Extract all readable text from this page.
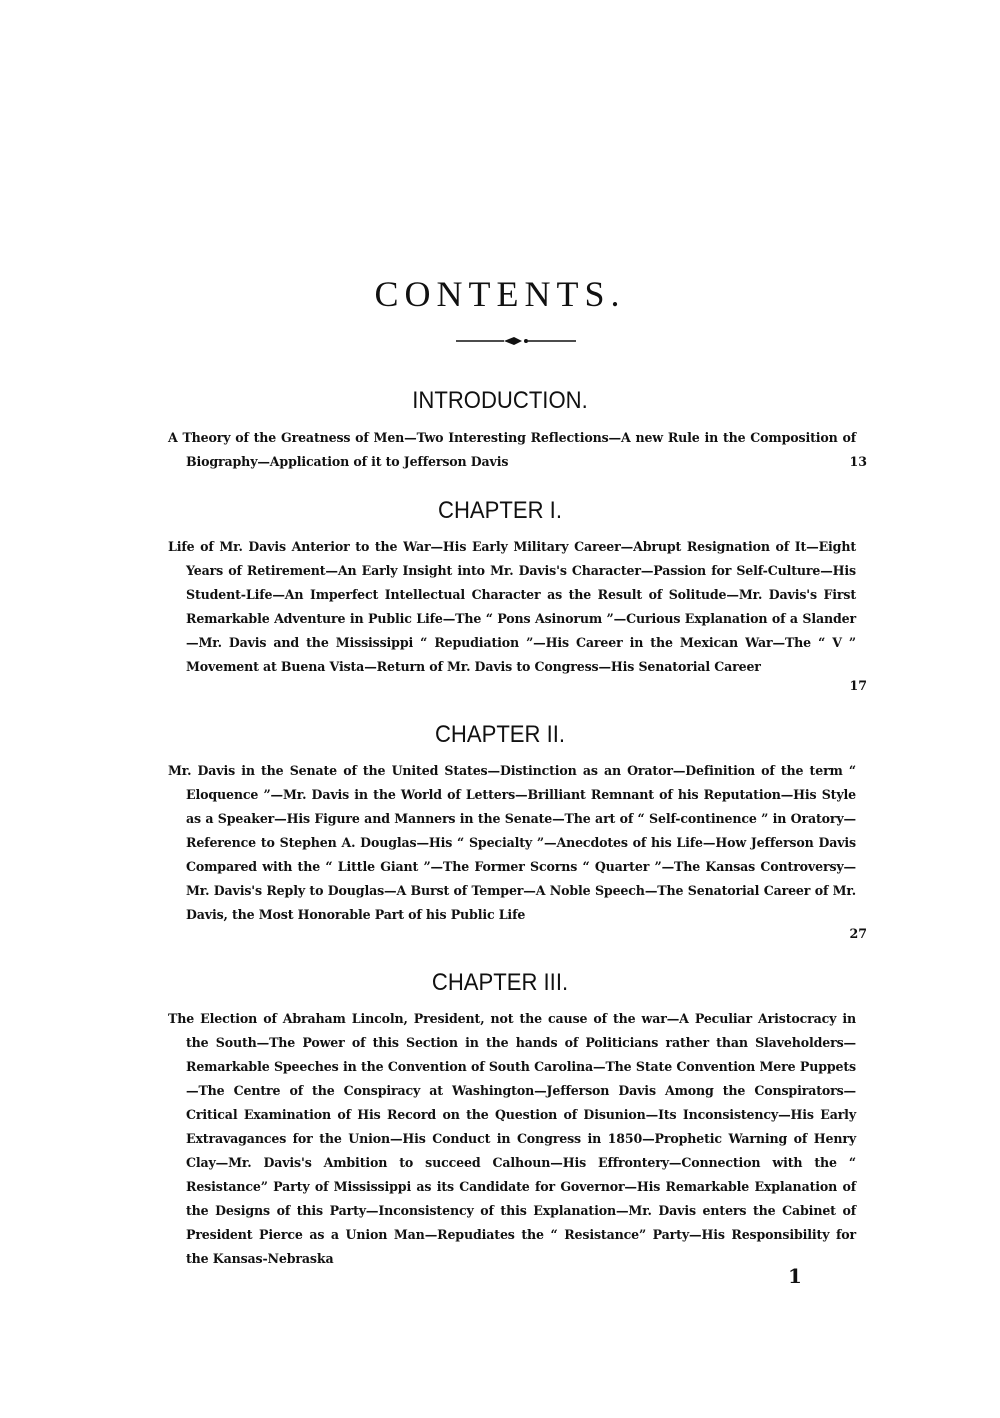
CONTENTS.
INTRODUCTION.
A Theory of the Greatness of Men—Two Interesting Reflections—A new Rule in the Composition of Biography—Application of it to Jefferson Davis	13
CHAPTER I.
Life of Mr. Davis Anterior to the War—His Early Military Career—Abrupt Resignation of It—Eight Years of Retirement—An Early Insight into Mr. Davis's Character—Passion for Self-Culture—His Student-Life—An Imperfect Intellectual Character as the Result of Solitude—Mr. Davis's First Remarkable Adventure in Public Life—The “ Pons Asinorum ”—Curious Explanation of a Slander—Mr. Davis and the Mississippi “ Repudiation ”—His Career in the Mexican War—The “ V ” Movement at Buena Vista—Return of Mr. Davis to Congress—His Senatorial Career
17
CHAPTER II.
Mr. Davis in the Senate of the United States—Distinction as an Orator—Definition of the term “ Eloquence ”—Mr. Davis in the World of Letters—Brilliant Remnant of his Reputation—His Style as a Speaker—His Figure and Manners in the Senate—The art of “ Self-continence ” in Oratory—Reference to Stephen A. Douglas—His “ Specialty ”—Anecdotes of his Life—How Jefferson Davis Compared with the “ Little Giant ”—The Former Scorns “ Quarter ”—The Kansas Controversy—Mr. Davis's Reply to Douglas—A Burst of Temper—A Noble Speech—The Senatorial Career of Mr. Davis, the Most Honorable Part of his Public Life
27
CHAPTER III.
The Election of Abraham Lincoln, President, not the cause of the war—A Peculiar Aristocracy in the South—The Power of this Section in the hands of Politicians rather than Slaveholders—Remarkable Speeches in the Convention of South Carolina—The State Convention Mere Puppets—The Centre of the Conspiracy at Washington—Jefferson Davis Among the Conspirators—Critical Examination of His Record on the Question of Disunion—Its Inconsistency—His Early Extravagances for the Union—His Conduct in Congress in 1850—Prophetic Warning of Henry Clay—Mr. Davis's Ambition to succeed Calhoun—His Effrontery—Connection with the “ Resistance” Party of Mississippi as its Candidate for Governor—His Remarkable Explanation of the Designs of this Party—Inconsistency of this Explanation—Mr. Davis enters the Cabinet of President Pierce as a Union Man—Repudiates the “ Resistance” Party—His Responsibility for the Kansas-Nebraska
1
